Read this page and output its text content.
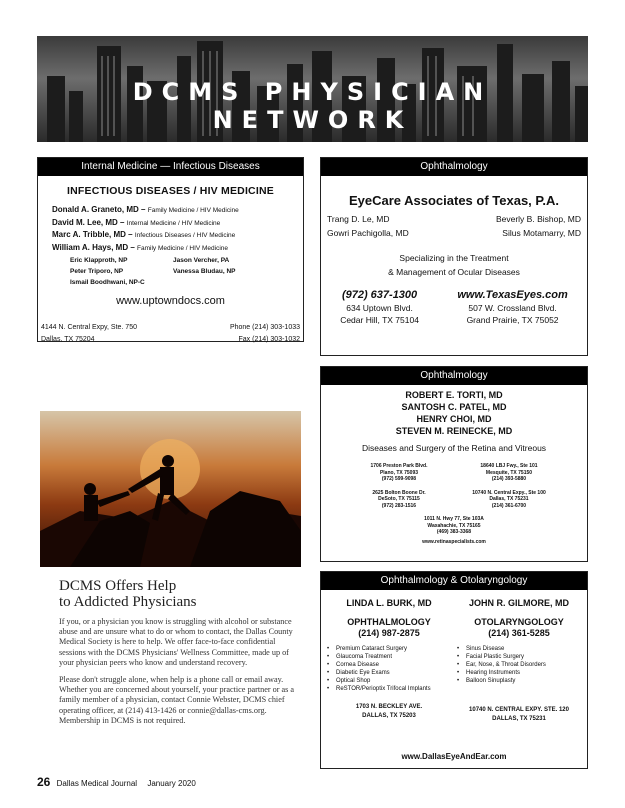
DCMS PHYSICIAN NETWORK
Internal Medicine — Infectious Diseases
INFECTIOUS DISEASES / HIV MEDICINE
Donald A. Graneto, MD – Family Medicine / HIV Medicine
David M. Lee, MD – Internal Medicine / HIV Medicine
Marc A. Tribble, MD – Infectious Diseases / HIV Medicine
William A. Hays, MD – Family Medicine / HIV Medicine
Eric Klapproth, NP	Jason Vercher, PA
Peter Triporo, NP	Vanessa Bludau, NP
Ismail Boodhwani, NP-C
www.uptowndocs.com
4144 N. Central Expy, Ste. 750
Dallas, TX 75204
Phone (214) 303-1033
Fax (214) 303-1032
Ophthalmology
EyeCare Associates of Texas, P.A.
Trang D. Le, MD
Gowri Pachigolla, MD
Beverly B. Bishop, MD
Silus Motamarry, MD
Specializing in the Treatment
& Management of Ocular Diseases
(972) 637-1300
634 Uptown Blvd.
Cedar Hill, TX 75104
www.TexasEyes.com
507 W. Crossland Blvd.
Grand Prairie, TX 75052
Ophthalmology
ROBERT E. TORTI, MD
SANTOSH C. PATEL, MD
HENRY CHOI, MD
STEVEN M. REINECKE, MD
Diseases and Surgery of the Retina and Vitreous
1706 Preston Park Blvd.
Plano, TX 75093
(972) 599-9098
18640 LBJ Fwy., Ste 101
Mesquite, TX 75150
(214) 393-5880
2625 Bolton Boone Dr.
DeSoto, TX 75115
(972) 283-1516
10740 N. Central Expy., Ste 100
Dallas, TX 75231
(214) 361-6700
1011 N. Hwy 77, Ste 103A
Waxahachie, TX 75165
(469) 383-3368
www.retinaspecialists.com
Ophthalmology & Otolaryngology
LINDA L. BURK, MD
OPHTHALMOLOGY
(214) 987-2875
• Premium Cataract Surgery
• Glaucoma Treatment
• Cornea Disease
• Diabetic Eye Exams
• Optical Shop
• ReSTOR/Perioptix Trifocal Implants
1703 N. BECKLEY AVE.
DALLAS, TX 75203
JOHN R. GILMORE, MD
OTOLARYNGOLOGY
(214) 361-5285
• Sinus Disease
• Facial Plastic Surgery
• Ear, Nose, & Throat Disorders
• Hearing Instruments
• Balloon Sinuplasty
10740 N. CENTRAL EXPY. STE. 120
DALLAS, TX 75231
www.DallasEyeAndEar.com
DCMS Offers Help
to Addicted Physicians

If you, or a physician you know is struggling with alcohol or substance abuse and are unsure what to do or whom to contact, the Dallas County Medical Society is here to help. We offer face-to-face confidential sessions with the DCMS Physicians' Wellness Committee, made up of your physician peers who know and understand recovery.

Please don't struggle alone, when help is a phone call or email away. Whether you are concerned about yourself, your practice partner or as a family member of a physician, contact Connie Webster, DCMS chief operating officer, at (214) 413-1426 or connie@dallas-cms.org. Membership in DCMS is not required.

26 Dallas Medical Journal January 2020
